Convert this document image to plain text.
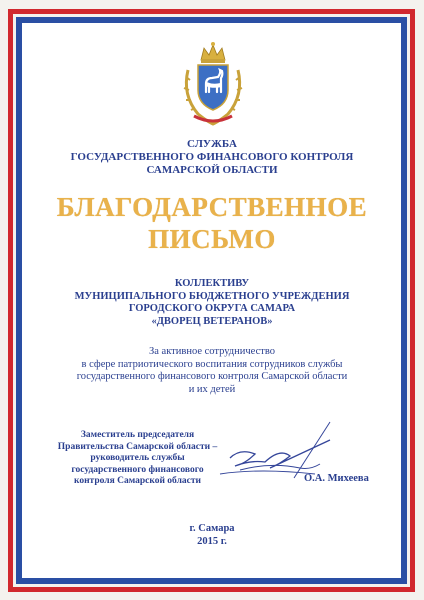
СЛУЖБА
ГОСУДАРСТВЕННОГО ФИНАНСОВОГО КОНТРОЛЯ
САМАРСКОЙ ОБЛАСТИ
БЛАГОДАРСТВЕННОЕ
ПИСЬМО
КОЛЛЕКТИВУ
МУНИЦИПАЛЬНОГО БЮДЖЕТНОГО УЧРЕЖДЕНИЯ
ГОРОДСКОГО ОКРУГА САМАРА
«ДВОРЕЦ ВЕТЕРАНОВ»
За активное сотрудничество
в сфере патриотического воспитания сотрудников службы
государственного финансового контроля Самарской области
и их детей
Заместитель председателя
Правительства Самарской области –
руководитель службы
государственного финансового
контроля Самарской области	О.А. Михеева
г. Самара
2015 г.
